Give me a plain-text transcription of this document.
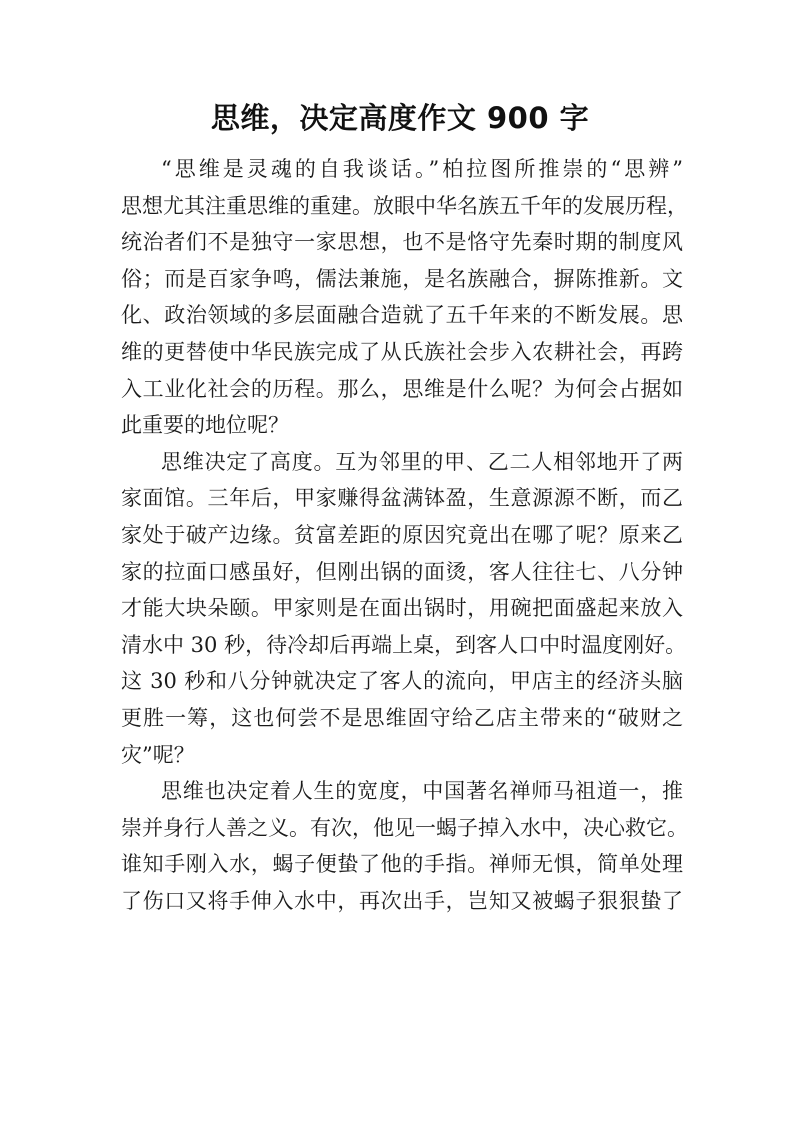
思维，决定高度作文 900 字
“思维是灵魂的自我谈话。”柏拉图所推崇的“思辨”
思想尤其注重思维的重建。放眼中华名族五千年的发展历程，
统治者们不是独守一家思想，也不是恪守先秦时期的制度风
俗；而是百家争鸣，儒法兼施，是名族融合，摒陈推新。文
化、政治领域的多层面融合造就了五千年来的不断发展。思
维的更替使中华民族完成了从氏族社会步入农耕社会，再跨
入工业化社会的历程。那么，思维是什么呢？为何会占据如
此重要的地位呢？
思维决定了高度。互为邻里的甲、乙二人相邻地开了两
家面馆。三年后，甲家赚得盆满钵盈，生意源源不断，而乙
家处于破产边缘。贫富差距的原因究竟出在哪了呢？原来乙
家的拉面口感虽好，但刚出锅的面烫，客人往往七、八分钟
才能大块朵颐。甲家则是在面出锅时，用碗把面盛起来放入
清水中 30 秒，待冷却后再端上桌，到客人口中时温度刚好。
这 30 秒和八分钟就决定了客人的流向，甲店主的经济头脑
更胜一筹，这也何尝不是思维固守给乙店主带来的“破财之
灾”呢？
思维也决定着人生的宽度，中国著名禅师马祖道一，推
崇并身行人善之义。有次，他见一蝎子掉入水中，决心救它。
谁知手刚入水，蝎子便蛰了他的手指。禅师无惧，简单处理
了伤口又将手伸入水中，再次出手，岂知又被蝎子狠狠蛰了
